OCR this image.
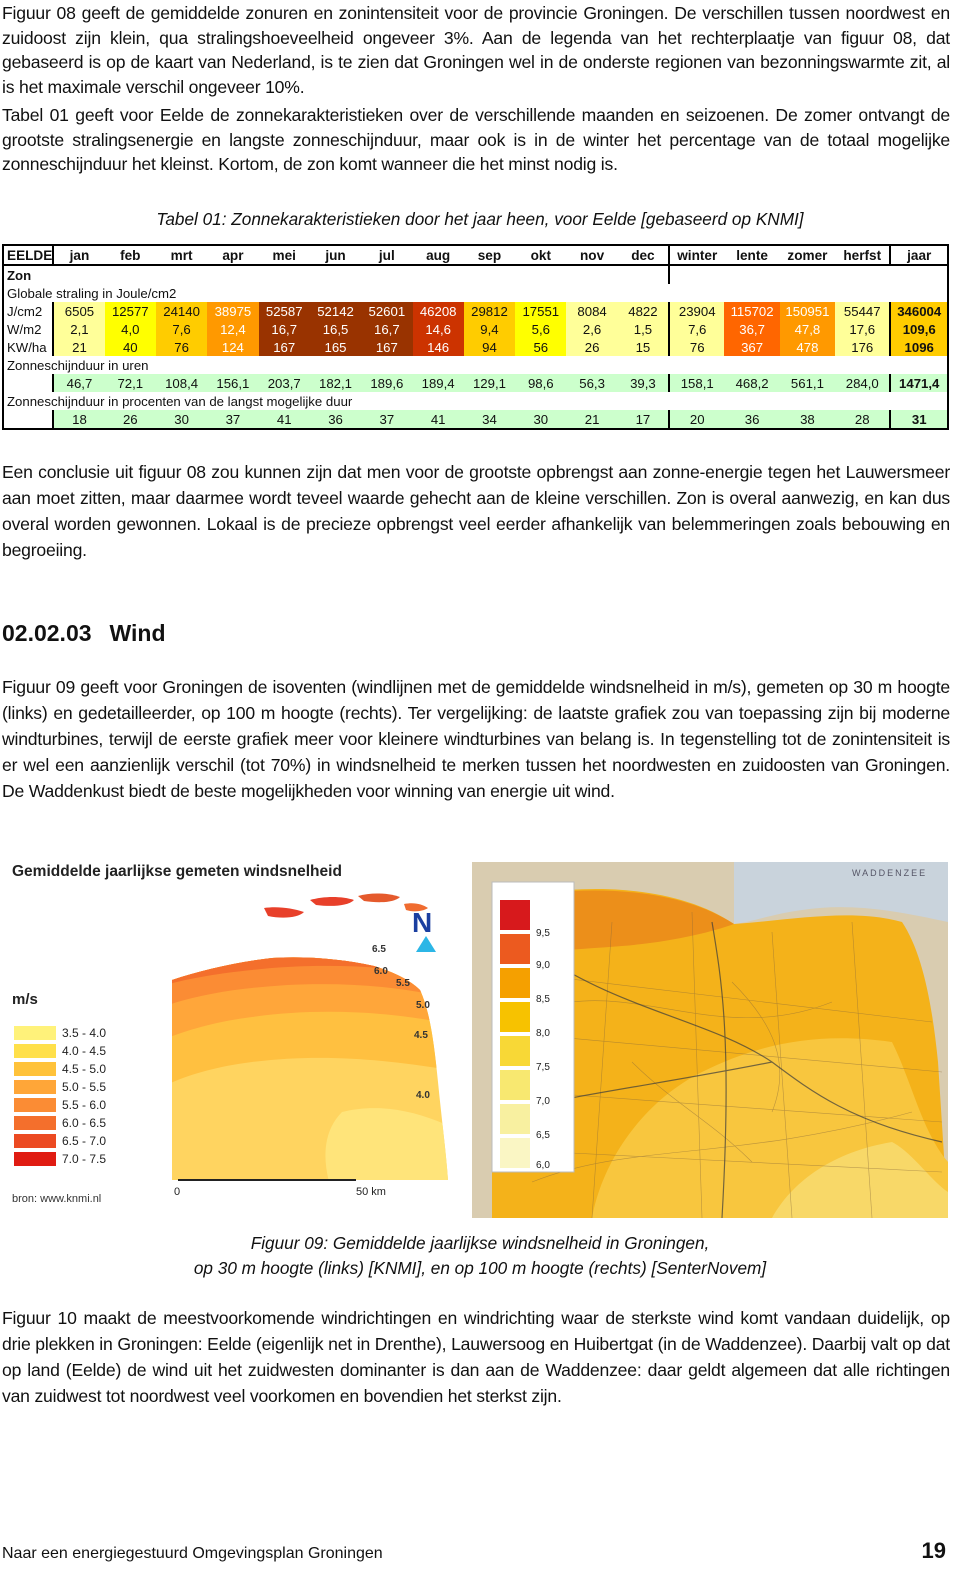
Figuur 08 geeft de gemiddelde zonuren en zonintensiteit voor de provincie Groningen. De verschillen tussen noordwest en zuidoost zijn klein, qua stralingshoeveelheid ongeveer 3%. Aan de legenda van het rechterplaatje van figuur 08, dat gebaseerd is op de kaart van Nederland, is te zien dat Groningen wel in de onderste regionen van bezonningswarmte zit, al is het maximale verschil ongeveer 10%.
Tabel 01 geeft voor Eelde de zonnekarakteristieken over de verschillende maanden en seizoenen. De zomer ontvangt de grootste stralingsenergie en langste zonneschijnduur, maar ook is in de winter het percentage van de totaal mogelijke zonneschijnduur het kleinst. Kortom, de zon komt wanneer die het minst nodig is.
Tabel 01: Zonnekarakteristieken door het jaar heen, voor Eelde [gebaseerd op KNMI]
EELDE	jan	feb	mrt	apr	mei	jun	jul	aug	sep	okt	nov	dec	winter	lente	zomer	herfst	jaar
Zon																	
Globale straling in Joule/cm2																	
J/cm2	6505	12577	24140	38975	52587	52142	52601	46208	29812	17551	8084	4822	23904	115702	150951	55447	346004
W/m2	2,1	4,0	7,6	12,4	16,7	16,5	16,7	14,6	9,4	5,6	2,6	1,5	7,6	36,7	47,8	17,6	109,6
KW/ha	21	40	76	124	167	165	167	146	94	56	26	15	76	367	478	176	1096
Zonneschijnduur in uren																	
	46,7	72,1	108,4	156,1	203,7	182,1	189,6	189,4	129,1	98,6	56,3	39,3	158,1	468,2	561,1	284,0	1471,4
Zonneschijnduur in procenten van de langst mogelijke duur																	
	18	26	30	37	41	36	37	41	34	30	21	17	20	36	38	28	31
Een conclusie uit figuur 08 zou kunnen zijn dat men voor de grootste opbrengst aan zonne-energie tegen het Lauwersmeer aan moet zitten, maar daarmee wordt teveel waarde gehecht aan de kleine verschillen. Zon is overal aanwezig, en kan dus overal worden gewonnen. Lokaal is de precieze opbrengst veel eerder afhankelijk van belemmeringen zoals bebouwing en begroeiing.
02.02.03 Wind
Figuur 09 geeft voor Groningen de isoventen (windlijnen met de gemiddelde windsnelheid in m/s), gemeten op 30 m hoogte (links) en gedetailleerder, op 100 m hoogte (rechts). Ter vergelijking: de laatste grafiek zou van toepassing zijn bij moderne windturbines, terwijl de eerste grafiek meer voor kleinere windturbines van belang is. In tegenstelling tot de zonintensiteit is er wel een aanzienlijk verschil (tot 70%) in windsnelheid te merken tussen het noordwesten en zuidoosten van Groningen. De Waddenkust biedt de beste mogelijkheden voor winning van energie uit wind.
Gemiddelde jaarlijkse gemeten windsnelheid
6.5
6.0
5.5
5.0
4.5
4.0
N
m/s
3.5 - 4.0
4.0 - 4.5
4.5 - 5.0
5.0 - 5.5
5.5 - 6.0
6.0 - 6.5
6.5 - 7.0
7.0 - 7.5
0	50 km
bron: www.knmi.nl
WADDENZEE
9,5
9,0
8,5
8,0
7,5
7,0
6,5
6,0
Figuur 09: Gemiddelde jaarlijkse windsnelheid in Groningen,
op 30 m hoogte (links) [KNMI], en op 100 m hoogte (rechts) [SenterNovem]
Figuur 10 maakt de meestvoorkomende windrichtingen en windrichting waar de sterkste wind komt vandaan duidelijk, op drie plekken in Groningen: Eelde (eigenlijk net in Drenthe), Lauwersoog en Huibertgat (in de Waddenzee). Daarbij valt op dat op land (Eelde) de wind uit het zuidwesten dominanter is dan aan de Waddenzee: daar geldt algemeen dat alle richtingen van zuidwest tot noordwest veel voorkomen en bovendien het sterkst zijn.
Naar een energiegestuurd Omgevingsplan Groningen	19
